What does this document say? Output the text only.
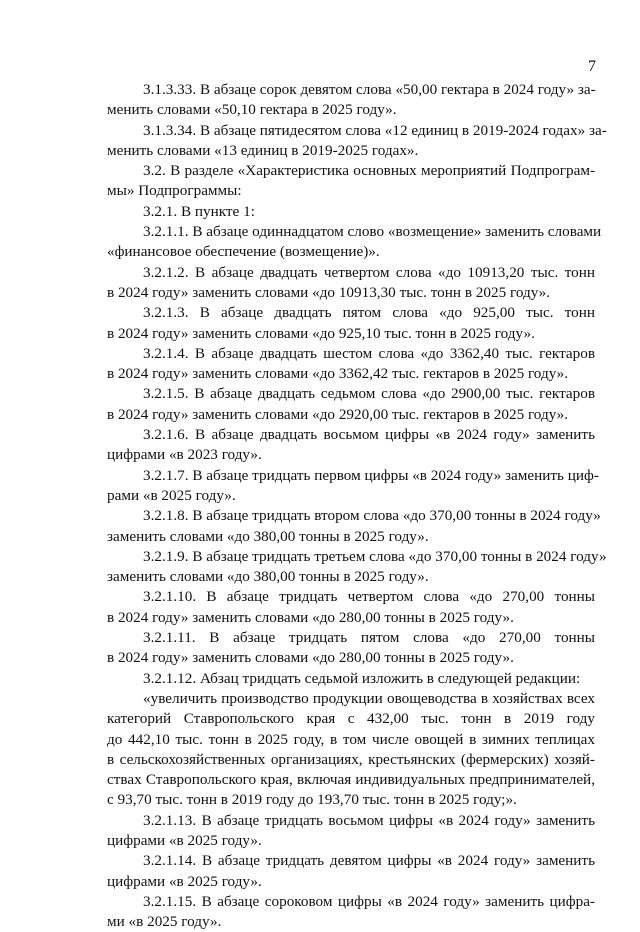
7
3.1.3.33. В абзаце сорок девятом слова «50,00 гектара в 2024 году» за-
менить словами «50,10 гектара в 2025 году».
3.1.3.34. В абзаце пятидесятом слова «12 единиц в 2019-2024 годах» за-
менить словами «13 единиц в 2019-2025 годах».
3.2. В разделе «Характеристика основных мероприятий Подпрограм-
мы» Подпрограммы:
3.2.1. В пункте 1:
3.2.1.1. В абзаце одиннадцатом слово «возмещение» заменить словами
«финансовое обеспечение (возмещение)».
3.2.1.2. В абзаце двадцать четвертом слова «до 10913,20 тыс. тонн
в 2024 году» заменить словами «до 10913,30 тыс. тонн в 2025 году».
3.2.1.3. В абзаце двадцать пятом слова «до 925,00 тыс. тонн
в 2024 году» заменить словами «до 925,10 тыс. тонн в 2025 году».
3.2.1.4. В абзаце двадцать шестом слова «до 3362,40 тыс. гектаров
в 2024 году» заменить словами «до 3362,42 тыс. гектаров в 2025 году».
3.2.1.5. В абзаце двадцать седьмом слова «до 2900,00 тыс. гектаров
в 2024 году» заменить словами «до 2920,00 тыс. гектаров в 2025 году».
3.2.1.6. В абзаце двадцать восьмом цифры «в 2024 году» заменить
цифрами «в 2023 году».
3.2.1.7. В абзаце тридцать первом цифры «в 2024 году» заменить циф-
рами «в 2025 году».
3.2.1.8. В абзаце тридцать втором слова «до 370,00 тонны в 2024 году»
заменить словами «до 380,00 тонны в 2025 году».
3.2.1.9. В абзаце тридцать третьем слова «до 370,00 тонны в 2024 году»
заменить словами «до 380,00 тонны в 2025 году».
3.2.1.10. В абзаце тридцать четвертом слова «до 270,00 тонны
в 2024 году» заменить словами «до 280,00 тонны в 2025 году».
3.2.1.11. В абзаце тридцать пятом слова «до 270,00 тонны
в 2024 году» заменить словами «до 280,00 тонны в 2025 году».
3.2.1.12. Абзац тридцать седьмой изложить в следующей редакции:
«увеличить производство продукции овощеводства в хозяйствах всех
категорий Ставропольского края с 432,00 тыс. тонн в 2019 году
до 442,10 тыс. тонн в 2025 году, в том числе овощей в зимних теплицах
в сельскохозяйственных организациях, крестьянских (фермерских) хозяй-
ствах Ставропольского края, включая индивидуальных предпринимателей,
с 93,70 тыс. тонн в 2019 году до 193,70 тыс. тонн в 2025 году;».
3.2.1.13. В абзаце тридцать восьмом цифры «в 2024 году» заменить
цифрами «в 2025 году».
3.2.1.14. В абзаце тридцать девятом цифры «в 2024 году» заменить
цифрами «в 2025 году».
3.2.1.15. В абзаце сороковом цифры «в 2024 году» заменить цифра-
ми «в 2025 году».
